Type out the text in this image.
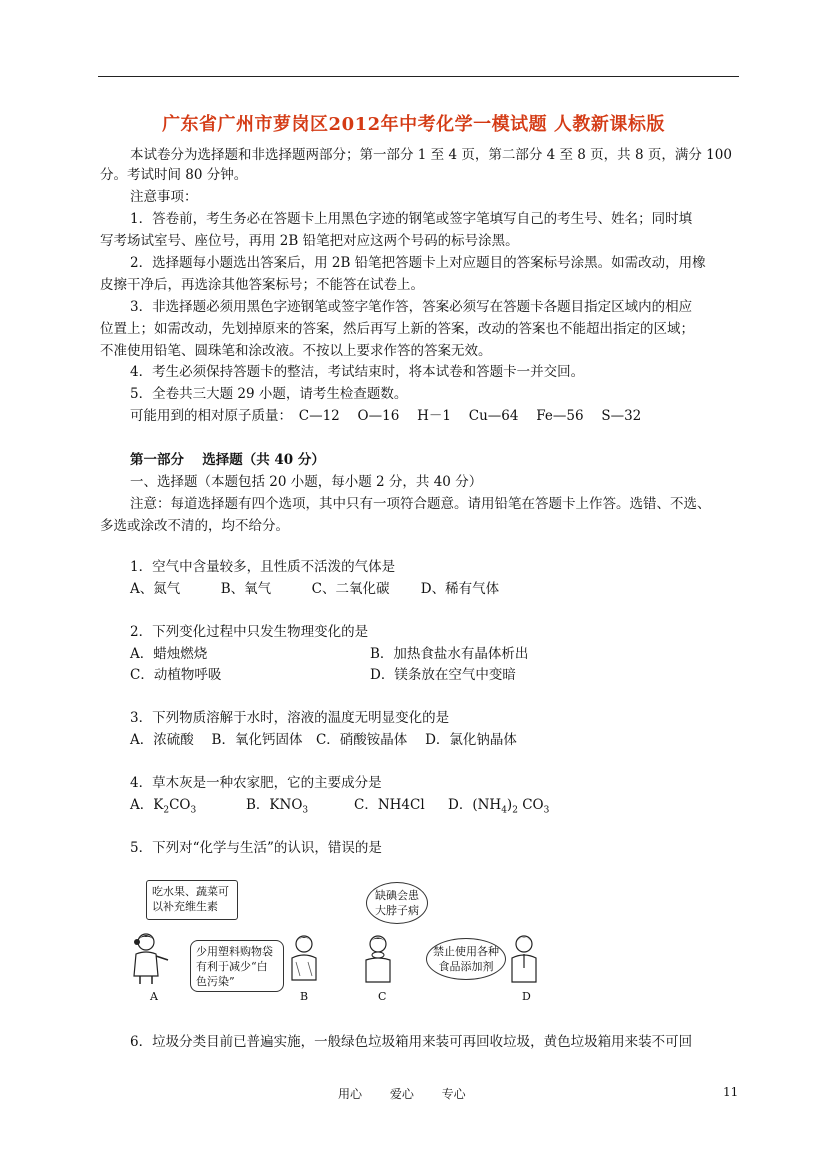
广东省广州市萝岗区2012年中考化学一模试题 人教新课标版
本试卷分为选择题和非选择题两部分；第一部分 1 至 4 页，第二部分 4 至 8 页，共 8 页，满分 100
分。考试时间 80 分钟。
注意事项：
1．答卷前，考生务必在答题卡上用黑色字迹的钢笔或签字笔填写自己的考生号、姓名；同时填
写考场试室号、座位号，再用 2B 铅笔把对应这两个号码的标号涂黑。
2．选择题每小题选出答案后，用 2B 铅笔把答题卡上对应题目的答案标号涂黑。如需改动，用橡
皮擦干净后，再选涂其他答案标号；不能答在试卷上。
3．非选择题必须用黑色字迹钢笔或签字笔作答，答案必须写在答题卡各题目指定区域内的相应
位置上；如需改动，先划掉原来的答案，然后再写上新的答案，改动的答案也不能超出指定的区域；
不准使用铅笔、圆珠笔和涂改液。不按以上要求作答的答案无效。
4．考生必须保持答题卡的整洁，考试结束时，将本试卷和答题卡一并交回。
5．全卷共三大题 29 小题，请考生检查题数。
可能用到的相对原子质量：　C—12　 O—16　 H－1　 Cu—64　 Fe—56　 S—32
第一部分　 选择题（共 40 分）
一、选择题（本题包括 20 小题，每小题 2 分，共 40 分）
注意：每道选择题有四个选项，其中只有一项符合题意。请用铅笔在答题卡上作答。选错、不选、
多选或涂改不清的，均不给分。
1．空气中含量较多，且性质不活泼的气体是
A、氮气　　　B、氧气　　　C、二氧化碳　　 D、稀有气体
2．下列变化过程中只发生物理变化的是
A．蜡烛燃烧	B．加热食盐水有晶体析出
C．动植物呼吸	D．镁条放在空气中变暗
3．下列物质溶解于水时，溶液的温度无明显变化的是
A．浓硫酸　 B．氧化钙固体　C．硝酸铵晶体　 D．氯化钠晶体
4．草木灰是一种农家肥，它的主要成分是
A．$K_2CO_3$	B．$KNO_3$	C．NH4Cl D．$(NH_4)_2$ $CO_3$
5．下列对“化学与生活”的认识，错误的是
吃水果、蔬菜可以补充维生素
少用塑料购物袋有利于减少“白色污染”
缺碘会患大脖子病
禁止使用各种食品添加剂
A	B	C	D
6．垃圾分类目前已普遍实施，一般绿色垃圾箱用来装可再回收垃圾，黄色垃圾箱用来装不可回
用心　　 爱心　　 专心	11
